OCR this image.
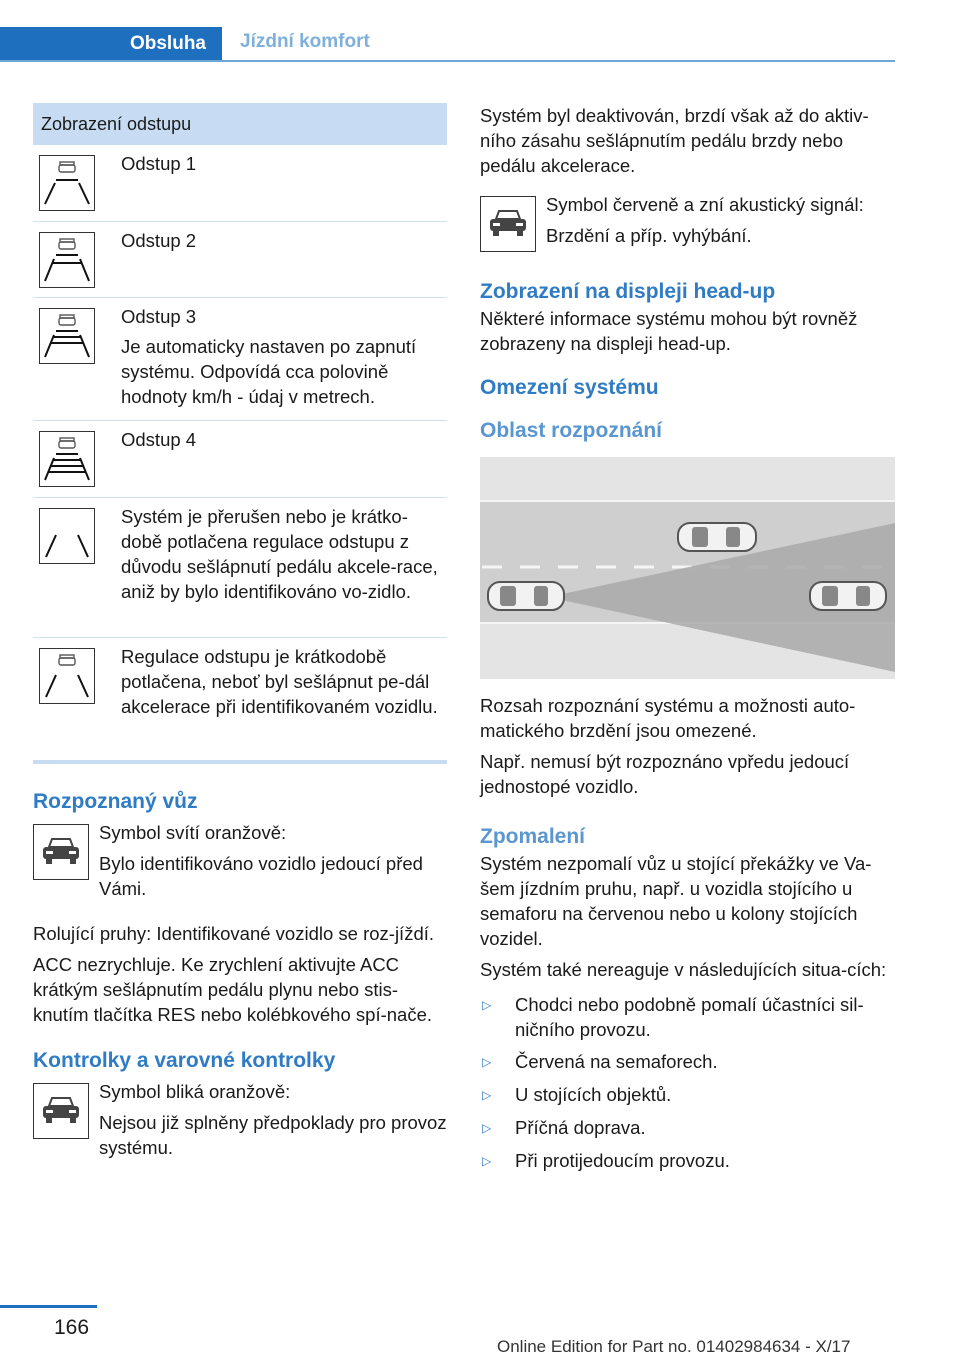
Obsluha Jízdní komfort
Zobrazení odstupu

Odstup 1

Odstup 2

Odstup 3

Je automaticky nastaven po zapnutí systému. Odpovídá cca polovině hodnoty km/h - údaj v metrech.

Odstup 4

Systém je přerušen nebo je krátko-době potlačena regulace odstupu z důvodu sešlápnutí pedálu akcele-race, aniž by bylo identifikováno vo-zidlo.

Regulace odstupu je krátkodobě potlačena, neboť byl sešlápnut pe-dál akcelerace při identifikovaném vozidlu.

Rozpoznaný vůz

Symbol svítí oranžově:

Bylo identifikováno vozidlo jedoucí před Vámi.

Rolující pruhy: Identifikované vozidlo se roz-jíždí.

ACC nezrychluje. Ke zrychlení aktivujte ACC krátkým sešlápnutím pedálu plynu nebo stis-knutím tlačítka RES nebo kolébkového spí-nače.

Kontrolky a varovné kontrolky

Symbol bliká oranžově:

Nejsou již splněny předpoklady pro provoz systému.

Systém byl deaktivován, brzdí však až do aktiv-ního zásahu sešlápnutím pedálu brzdy nebo pedálu akcelerace.

Symbol červeně a zní akustický signál:

Brzdění a příp. vyhýbání.

Zobrazení na displeji head-up

Některé informace systému mohou být rovněž zobrazeny na displeji head-up.

Omezení systému
Oblast rozpoznání

Rozsah rozpoznání systému a možnosti auto-matického brzdění jsou omezené.

Např. nemusí být rozpoznáno vpředu jedoucí jednostopé vozidlo.

Zpomalení

Systém nezpomalí vůz u stojící překážky ve Va-šem jízdním pruhu, např. u vozidla stojícího u semaforu na červenou nebo u kolony stojících vozidel.

Systém také nereaguje v následujících situa-cích:

▷	Chodci nebo podobně pomalí účastníci sil-ničního provozu.
▷	Červená na semaforech.
▷	U stojících objektů.
▷	Příčná doprava.
▷	Při protijedoucím provozu.
166
Online Edition for Part no. 01402984634 - X/17
